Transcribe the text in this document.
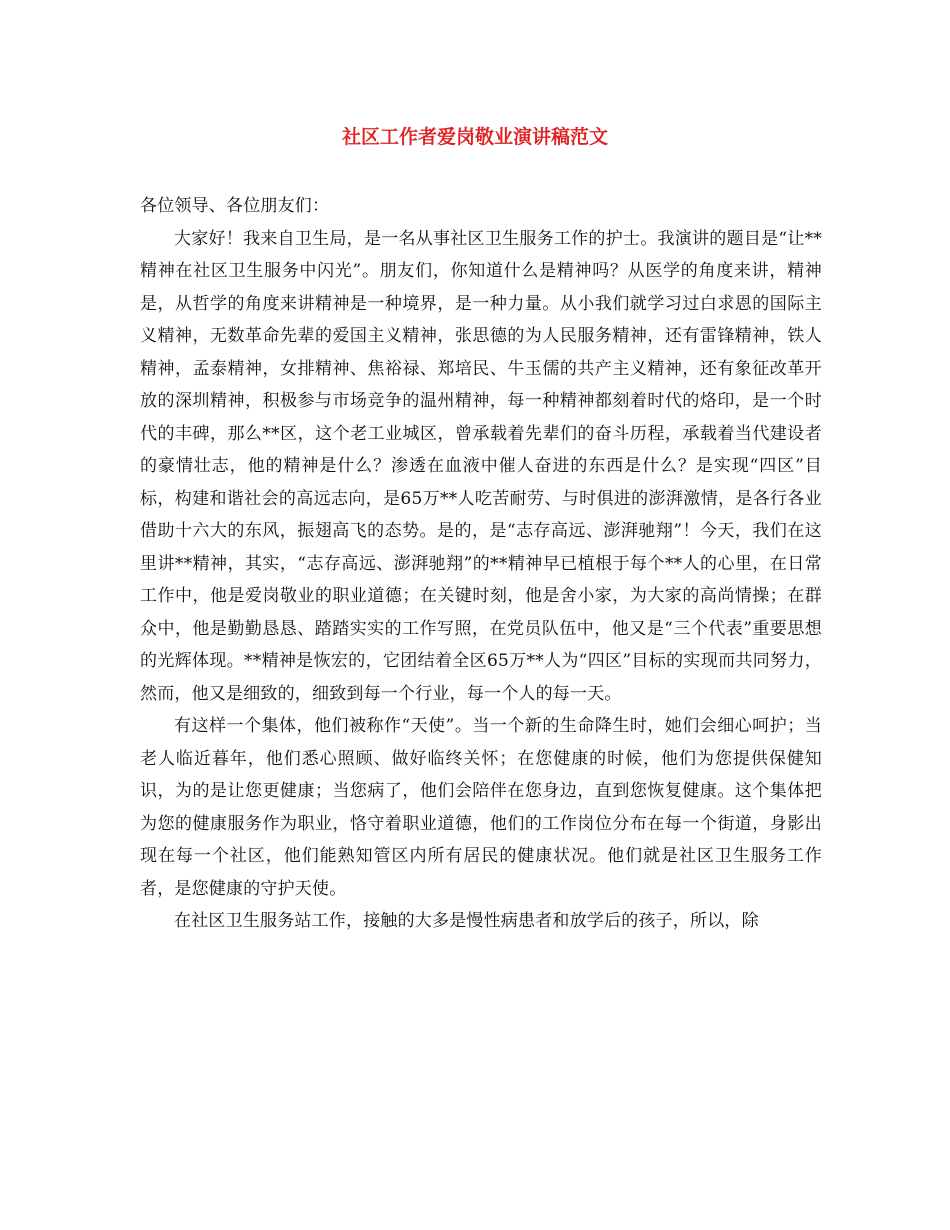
社区工作者爱岗敬业演讲稿范文

各位领导、各位朋友们：

大家好！我来自卫生局，是一名从事社区卫生服务工作的护士。我演讲的题目是“让**精神在社区卫生服务中闪光”。朋友们，你知道什么是精神吗？从医学的角度来讲，精神是，从哲学的角度来讲精神是一种境界，是一种力量。从小我们就学习过白求恩的国际主义精神，无数革命先辈的爱国主义精神，张思德的为人民服务精神，还有雷锋精神，铁人精神，孟泰精神，女排精神、焦裕禄、郑培民、牛玉儒的共产主义精神，还有象征改革开放的深圳精神，积极参与市场竞争的温州精神，每一种精神都刻着时代的烙印，是一个时代的丰碑，那么**区，这个老工业城区，曾承载着先辈们的奋斗历程，承载着当代建设者的豪情壮志，他的精神是什么？渗透在血液中催人奋进的东西是什么？是实现“四区”目标，构建和谐社会的高远志向，是65万**人吃苦耐劳、与时俱进的澎湃激情，是各行各业借助十六大的东风，振翅高飞的态势。是的，是“志存高远、澎湃驰翔”！今天，我们在这里讲**精神，其实，“志存高远、澎湃驰翔”的**精神早已植根于每个**人的心里，在日常工作中，他是爱岗敬业的职业道德；在关键时刻，他是舍小家，为大家的高尚情操；在群众中，他是勤勤恳恳、踏踏实实的工作写照，在党员队伍中，他又是“三个代表”重要思想的光辉体现。**精神是恢宏的，它团结着全区65万**人为“四区”目标的实现而共同努力，然而，他又是细致的，细致到每一个行业，每一个人的每一天。

有这样一个集体，他们被称作“天使”。当一个新的生命降生时，她们会细心呵护；当老人临近暮年，他们悉心照顾、做好临终关怀；在您健康的时候，他们为您提供保健知识，为的是让您更健康；当您病了，他们会陪伴在您身边，直到您恢复健康。这个集体把为您的健康服务作为职业，恪守着职业道德，他们的工作岗位分布在每一个街道，身影出现在每一个社区，他们能熟知管区内所有居民的健康状况。他们就是社区卫生服务工作者，是您健康的守护天使。

在社区卫生服务站工作，接触的大多是慢性病患者和放学后的孩子，所以，除
